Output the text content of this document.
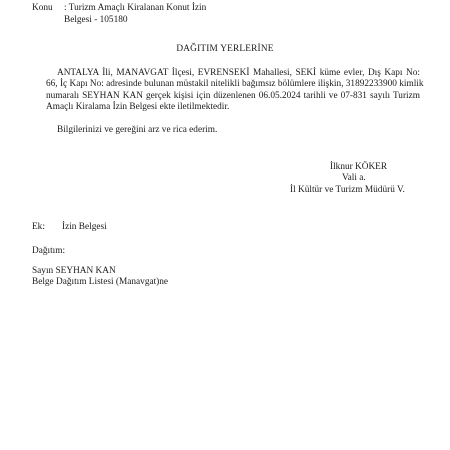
Konu : Turizm Amaçlı Kiralanan Konut İzin
Belgesi - 105180
DAĞITIM YERLERİNE
ANTALYA İli, MANAVGAT İlçesi, EVRENSEKİ Mahallesi, SEKİ küme evler, Dış Kapı No:
66, İç Kapı No: adresinde bulunan müstakil nitelikli bağımsız bölümlere ilişkin, 31892233900 kimlik
numaralı SEYHAN KAN gerçek kişisi için düzenlenen 06.05.2024 tarihli ve 07-831 sayılı Turizm
Amaçlı Kiralama İzin Belgesi ekte iletilmektedir.
Bilgilerinizi ve gereğini arz ve rica ederim.
İlknur KÖKER
Vali a.
İl Kültür ve Turizm Müdürü V.
Ek: İzin Belgesi
Dağıtım:
Sayın SEYHAN KAN
Belge Dağıtım Listesi (Manavgat)ne
